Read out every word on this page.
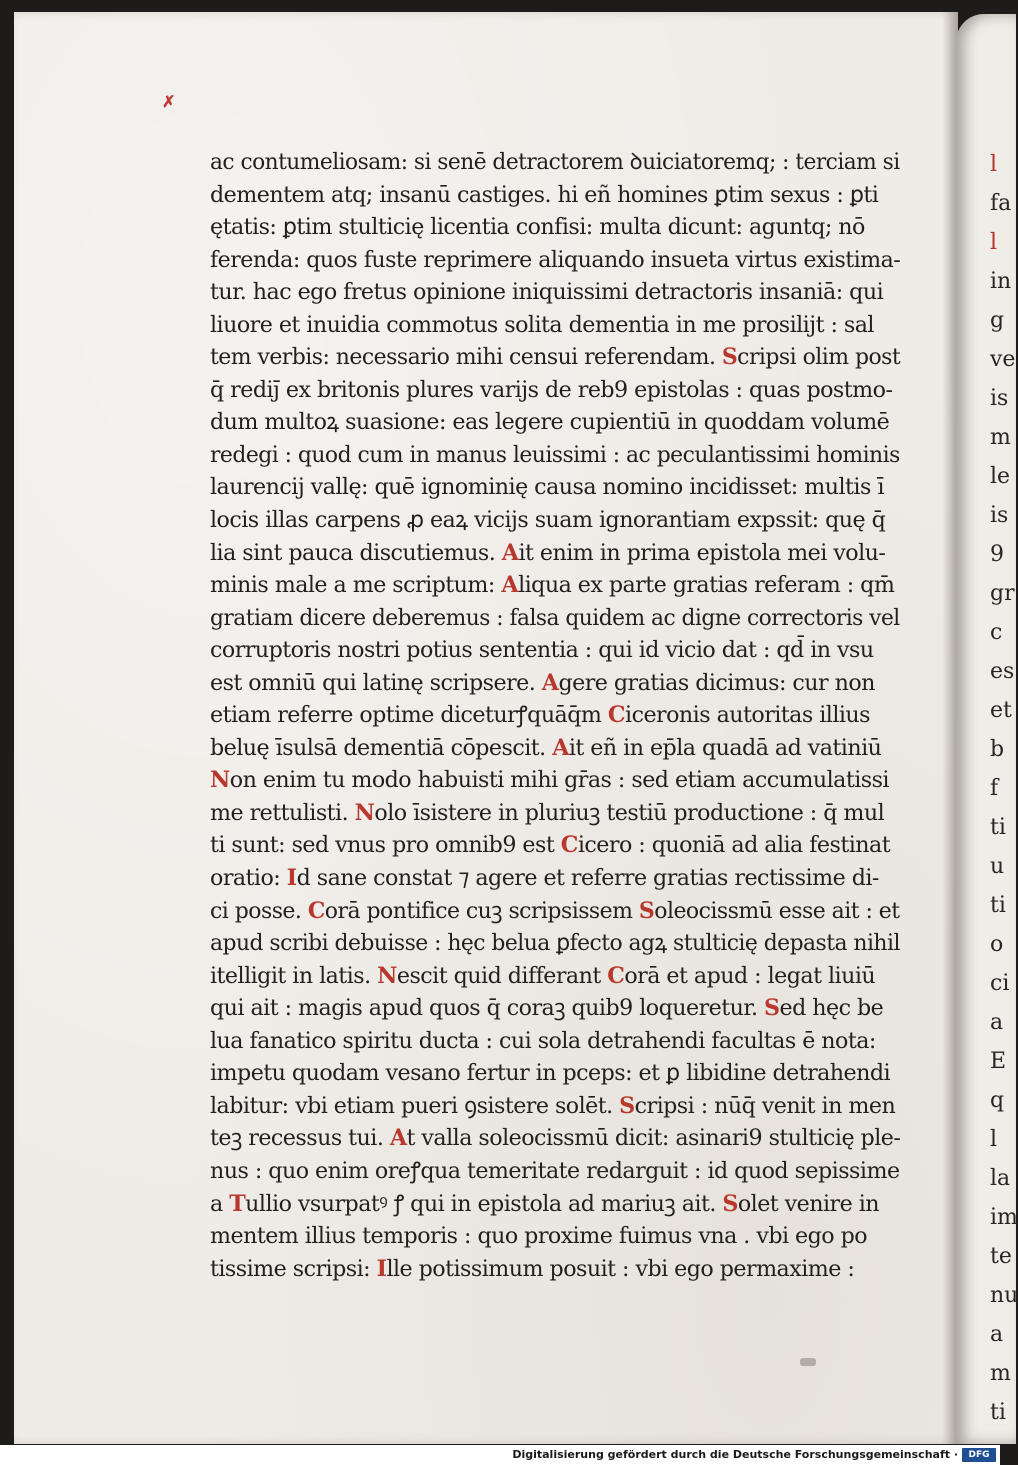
✗
ac contumeliosam: si senē detractorem ꝺuiciatoremq; : terciam si
dementem atq; insanū castiges. hi eñ homines ꝑtim sexus : ꝑti
ętatis: ꝑtim stulticię licentia confisi: multa dicunt: aguntq; nō
ferenda: quos fuste reprimere aliquando insueta virtus existima-
tur. hac ego fretus opinione iniquissimi detractoris insaniā: qui
liuore et inuidia commotus solita dementia in me prosilijt : sal
tem verbis: necessario mihi censui referendam. Scripsi olim post
q̄ rediȷ̄ ex britonis plures varijs de reb9 epistolas : quas postmo-
dum multoꝝ suasione: eas legere cupientiū in quoddam volumē
redegi : quod cum in manus leuissimi : ac peculantissimi hominis
laurencij vallę: quē ignominię causa nomino incidisset: multis ī
locis illas carpens ꝓ eaꝝ vicijs suam ignorantiam expssit: quę q̄
lia sint pauca discutiemus. Ait enim in prima epistola mei volu-
minis male a me scriptum: Aliqua ex parte gratias referam : qm̄
gratiam dicere deberemus : falsa quidem ac digne correctoris vel
corruptoris nostri potius sententia : qui id vicio dat : qd̄ in vsu
est omniū qui latinę scripsere. Agere gratias dicimus: cur non
etiam referre optime diceturꝭquāq̄m Ciceronis autoritas illius
beluę īsulsā dementiā cōpescit. Ait eñ in ep̄la quadā ad vatiniū
Non enim tu modo habuisti mihi gr̄as : sed etiam accumulatissi
me rettulisti. Nolo īsistere in pluriuꝫ testiū productione : q̄ mul
ti sunt: sed vnus pro omnib9 est Cicero : quoniā ad alia festinat
oratio: Id sane constat ⁊ agere et referre gratias rectissime di-
ci posse. Corā pontifice cuꝫ scripsissem Soleocissmū esse ait : et
apud scribi debuisse : hęc belua ꝑfecto agꝝ stulticię depasta nihil
itelligit in latis. Nescit quid differant Corā et apud : legat liuiū
qui ait : magis apud quos q̄ coraꝫ quib9 loqueretur. Sed hęc be
lua fanatico spiritu ducta : cui sola detrahendi facultas ē nota:
impetu quodam vesano fertur in pceps: et ꝑ libidine detrahendi
labitur: vbi etiam pueri ꝯsistere solēt. Scripsi : nūq̄ venit in men
teꝫ recessus tui. At valla soleocissmū dicit: asinari9 stulticię ple-
nus : quo enim oreꝭqua temeritate redarguit : id quod sepissime
a Tullio vsurpatꝰ ꝭ qui in epistola ad mariuꝫ ait. Solet venire in
mentem illius temporis : quo proxime fuimus vna . vbi ego po
tissime scripsi: Ille potissimum posuit : vbi ego permaxime :
l
fa
l
in
g
ve
is
m
le
is
9
gr
c
es
et
b
f
ti
u
ti
o
ci
a
E
q
l
la
im
te
nu
a
m
ti
Digitalisierung gefördert durch die Deutsche Forschungsgemeinschaft ·	DFG
